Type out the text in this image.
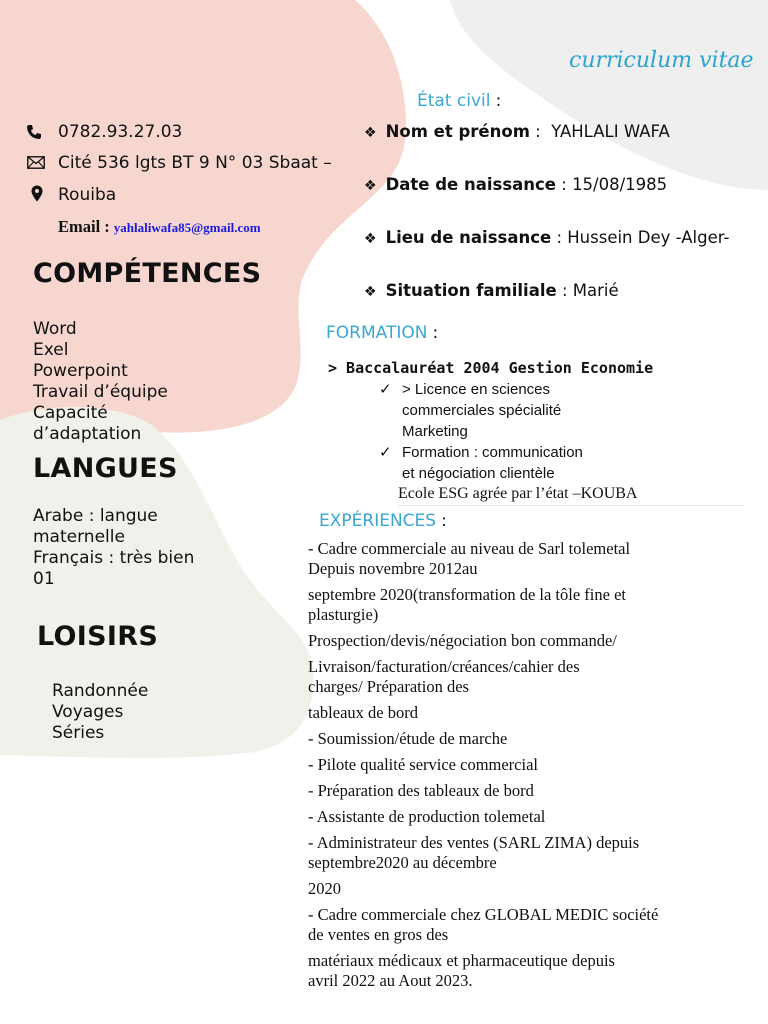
curriculum vitae
0782.93.27.03
Cité 536 lgts BT 9 N° 03 Sbaat –
Rouiba
Email : yahlaliwafa85@gmail.com
COMPÉTENCES
Word
Exel
Powerpoint
Travail d’équipe
Capacité
d’adaptation
LANGUES
Arabe : langue
maternelle
Français : très bien
01
LOISIRS
Randonnée
Voyages
Séries
État civil :
❖ Nom et prénom :  YAHLALI WAFA
❖ Date de naissance : 15/08/1985
❖ Lieu de naissance : Hussein Dey -Alger-
❖ Situation familiale : Marié
FORMATION :
> Baccalauréat 2004 Gestion Economie
✓ > Licence en sciences
commerciales spécialité
Marketing
✓ Formation : communication
et négociation clientèle
Ecole ESG agrée par l’état –KOUBA
EXPÉRIENCES :

- Cadre commerciale au niveau de Sarl tolemetal
Depuis novembre 2012au

septembre 2020(transformation de la tôle fine et
plasturgie)

Prospection/devis/négociation bon commande/

Livraison/facturation/créances/cahier des
charges/ Préparation des

tableaux de bord

- Soumission/étude de marche

- Pilote qualité service commercial

- Préparation des tableaux de bord

- Assistante de production tolemetal

- Administrateur des ventes (SARL ZIMA) depuis
septembre2020 au décembre

2020

- Cadre commerciale chez GLOBAL MEDIC société
de ventes en gros des

matériaux médicaux et pharmaceutique depuis
avril 2022 au Aout 2023.
